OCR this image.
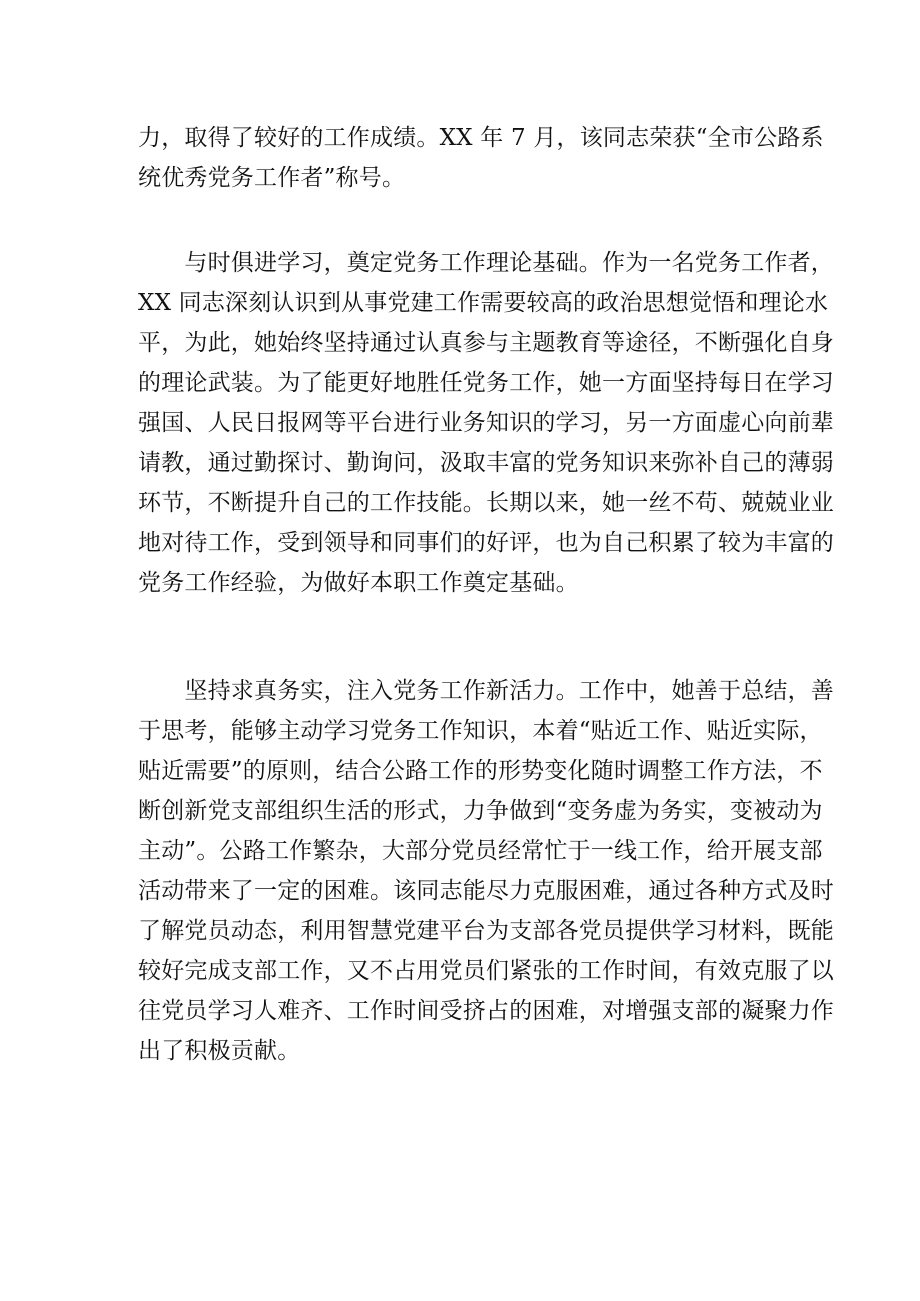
力，取得了较好的工作成绩。XX 年 7 月，该同志荣获“全市公路系
统优秀党务工作者”称号。
　　与时俱进学习，奠定党务工作理论基础。作为一名党务工作者，
XX 同志深刻认识到从事党建工作需要较高的政治思想觉悟和理论水
平，为此，她始终坚持通过认真参与主题教育等途径，不断强化自身
的理论武装。为了能更好地胜任党务工作，她一方面坚持每日在学习
强国、人民日报网等平台进行业务知识的学习，另一方面虚心向前辈
请教，通过勤探讨、勤询问，汲取丰富的党务知识来弥补自己的薄弱
环节，不断提升自己的工作技能。长期以来，她一丝不苟、兢兢业业
地对待工作，受到领导和同事们的好评，也为自己积累了较为丰富的
党务工作经验，为做好本职工作奠定基础。
　　坚持求真务实，注入党务工作新活力。工作中，她善于总结，善
于思考，能够主动学习党务工作知识，本着“贴近工作、贴近实际，
贴近需要”的原则，结合公路工作的形势变化随时调整工作方法，不
断创新党支部组织生活的形式，力争做到“变务虚为务实，变被动为
主动”。公路工作繁杂，大部分党员经常忙于一线工作，给开展支部
活动带来了一定的困难。该同志能尽力克服困难，通过各种方式及时
了解党员动态，利用智慧党建平台为支部各党员提供学习材料，既能
较好完成支部工作，又不占用党员们紧张的工作时间，有效克服了以
往党员学习人难齐、工作时间受挤占的困难，对增强支部的凝聚力作
出了积极贡献。
